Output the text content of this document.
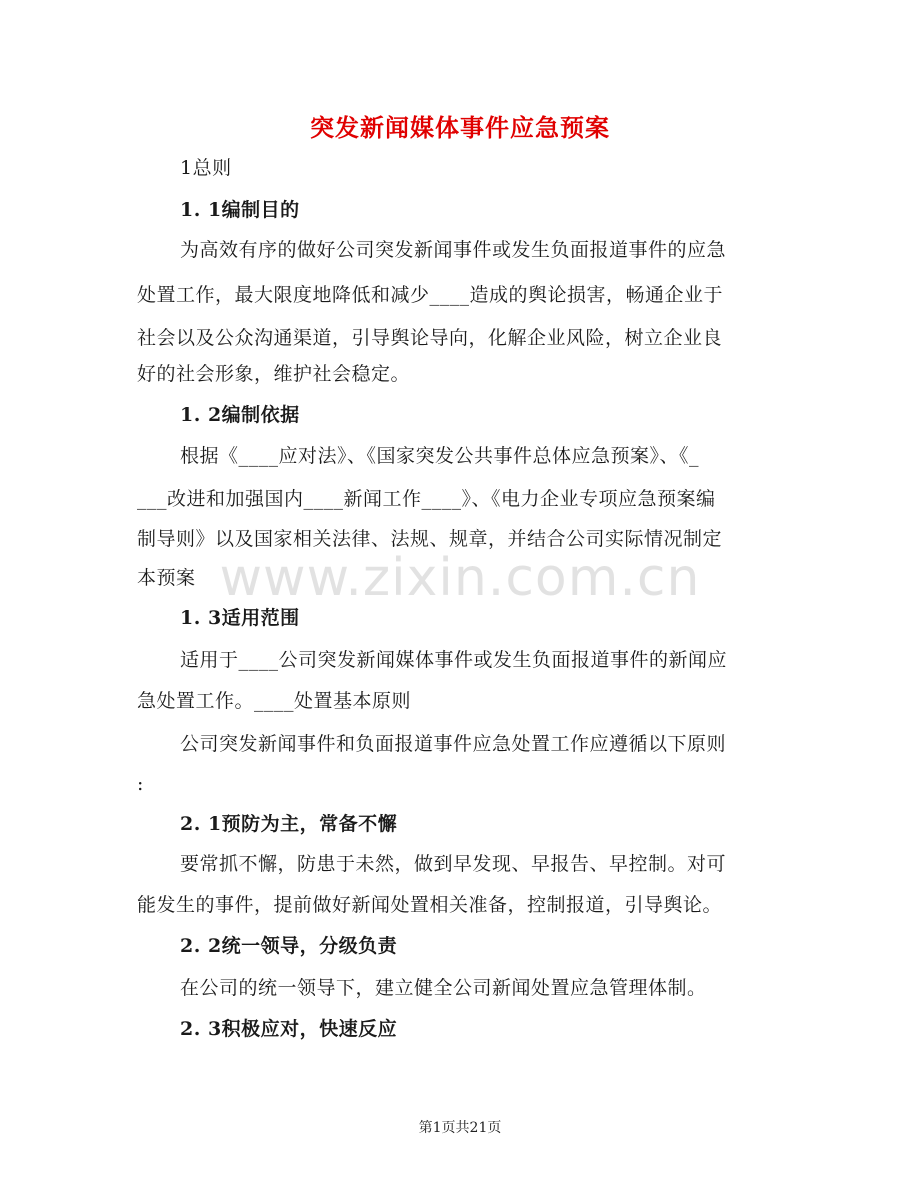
突发新闻媒体事件应急预案
1总则
1. 1编制目的
为高效有序的做好公司突发新闻事件或发生负面报道事件的应急
处置工作，最大限度地降低和减少____造成的舆论损害，畅通企业于
社会以及公众沟通渠道，引导舆论导向，化解企业风险，树立企业良
好的社会形象，维护社会稳定。
1. 2编制依据
根据《____应对法》、《国家突发公共事件总体应急预案》、《_
___改进和加强国内____新闻工作____》、《电力企业专项应急预案编
制导则》以及国家相关法律、法规、规章，并结合公司实际情况制定
本预案
1. 3适用范围
适用于____公司突发新闻媒体事件或发生负面报道事件的新闻应
急处置工作。____处置基本原则
公司突发新闻事件和负面报道事件应急处置工作应遵循以下原则
:
2. 1预防为主，常备不懈
要常抓不懈，防患于未然，做到早发现、早报告、早控制。对可
能发生的事件，提前做好新闻处置相关准备，控制报道，引导舆论。
2. 2统一领导，分级负责
在公司的统一领导下，建立健全公司新闻处置应急管理体制。
2. 3积极应对，快速反应
www.zixin.com.cn
第1页共21页
